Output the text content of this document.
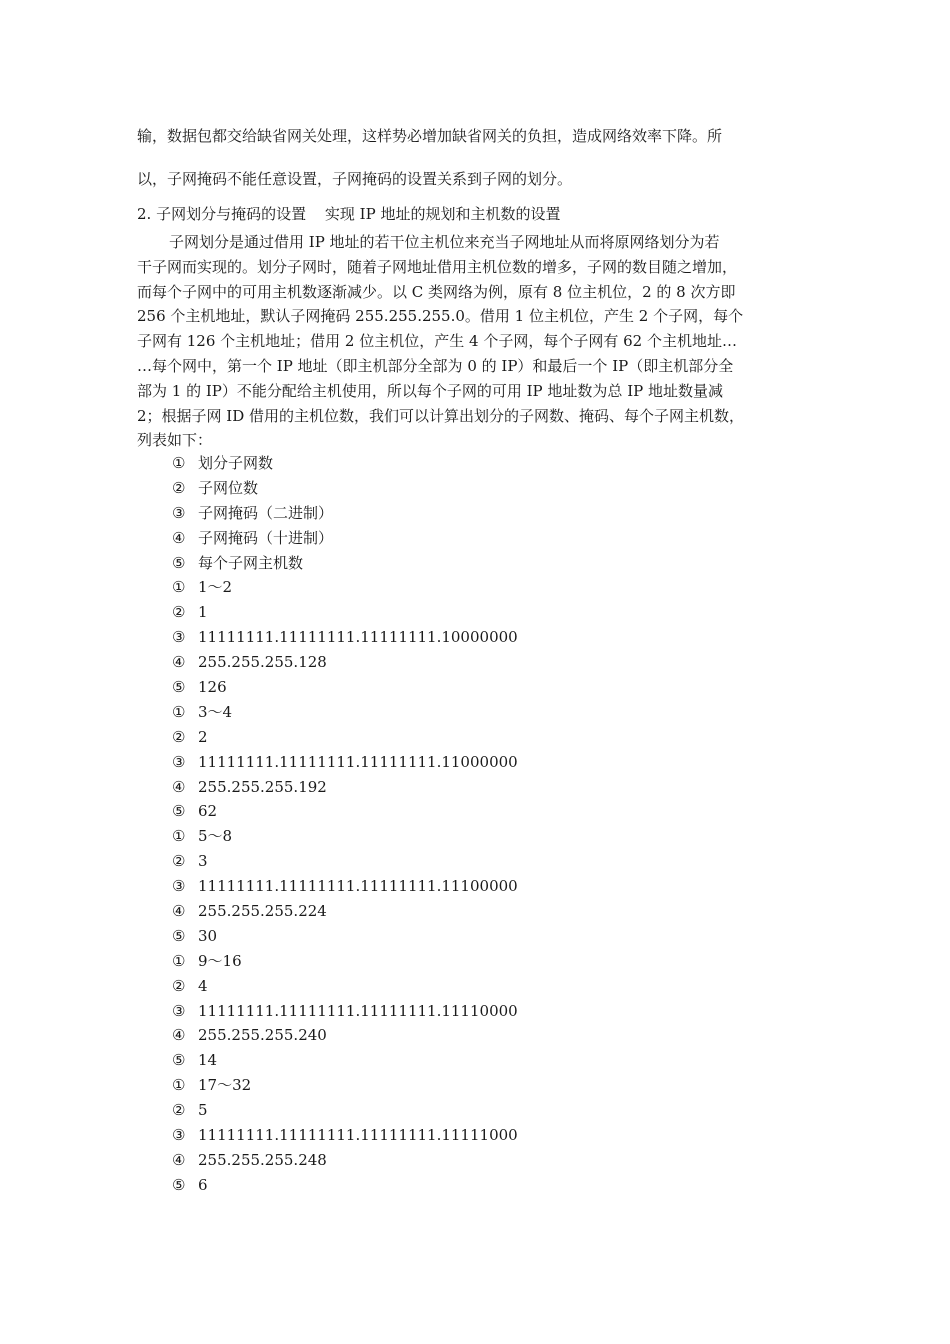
输，数据包都交给缺省网关处理，这样势必增加缺省网关的负担，造成网络效率下降。所
以，子网掩码不能任意设置，子网掩码的设置关系到子网的划分。
2. 子网划分与掩码的设置 实现 IP 地址的规划和主机数的设置
子网划分是通过借用 IP 地址的若干位主机位来充当子网地址从而将原网络划分为若
干子网而实现的。划分子网时，随着子网地址借用主机位数的增多，子网的数目随之增加，
而每个子网中的可用主机数逐渐减少。以 C 类网络为例，原有 8 位主机位，2 的 8 次方即
256 个主机地址，默认子网掩码 255.255.255.0。借用 1 位主机位，产生 2 个子网，每个
子网有 126 个主机地址；借用 2 位主机位，产生 4 个子网，每个子网有 62 个主机地址…
…每个网中，第一个 IP 地址（即主机部分全部为 0 的 IP）和最后一个 IP（即主机部分全
部为 1 的 IP）不能分配给主机使用，所以每个子网的可用 IP 地址数为总 IP 地址数量减
2；根据子网 ID 借用的主机位数，我们可以计算出划分的子网数、掩码、每个子网主机数，
列表如下：
① 划分子网数
② 子网位数
③ 子网掩码（二进制）
④ 子网掩码（十进制）
⑤ 每个子网主机数
① 1～2
② 1
③ 11111111.11111111.11111111.10000000
④ 255.255.255.128
⑤ 126
① 3～4
② 2
③ 11111111.11111111.11111111.11000000
④ 255.255.255.192
⑤ 62
① 5～8
② 3
③ 11111111.11111111.11111111.11100000
④ 255.255.255.224
⑤ 30
① 9～16
② 4
③ 11111111.11111111.11111111.11110000
④ 255.255.255.240
⑤ 14
① 17～32
② 5
③ 11111111.11111111.11111111.11111000
④ 255.255.255.248
⑤ 6
